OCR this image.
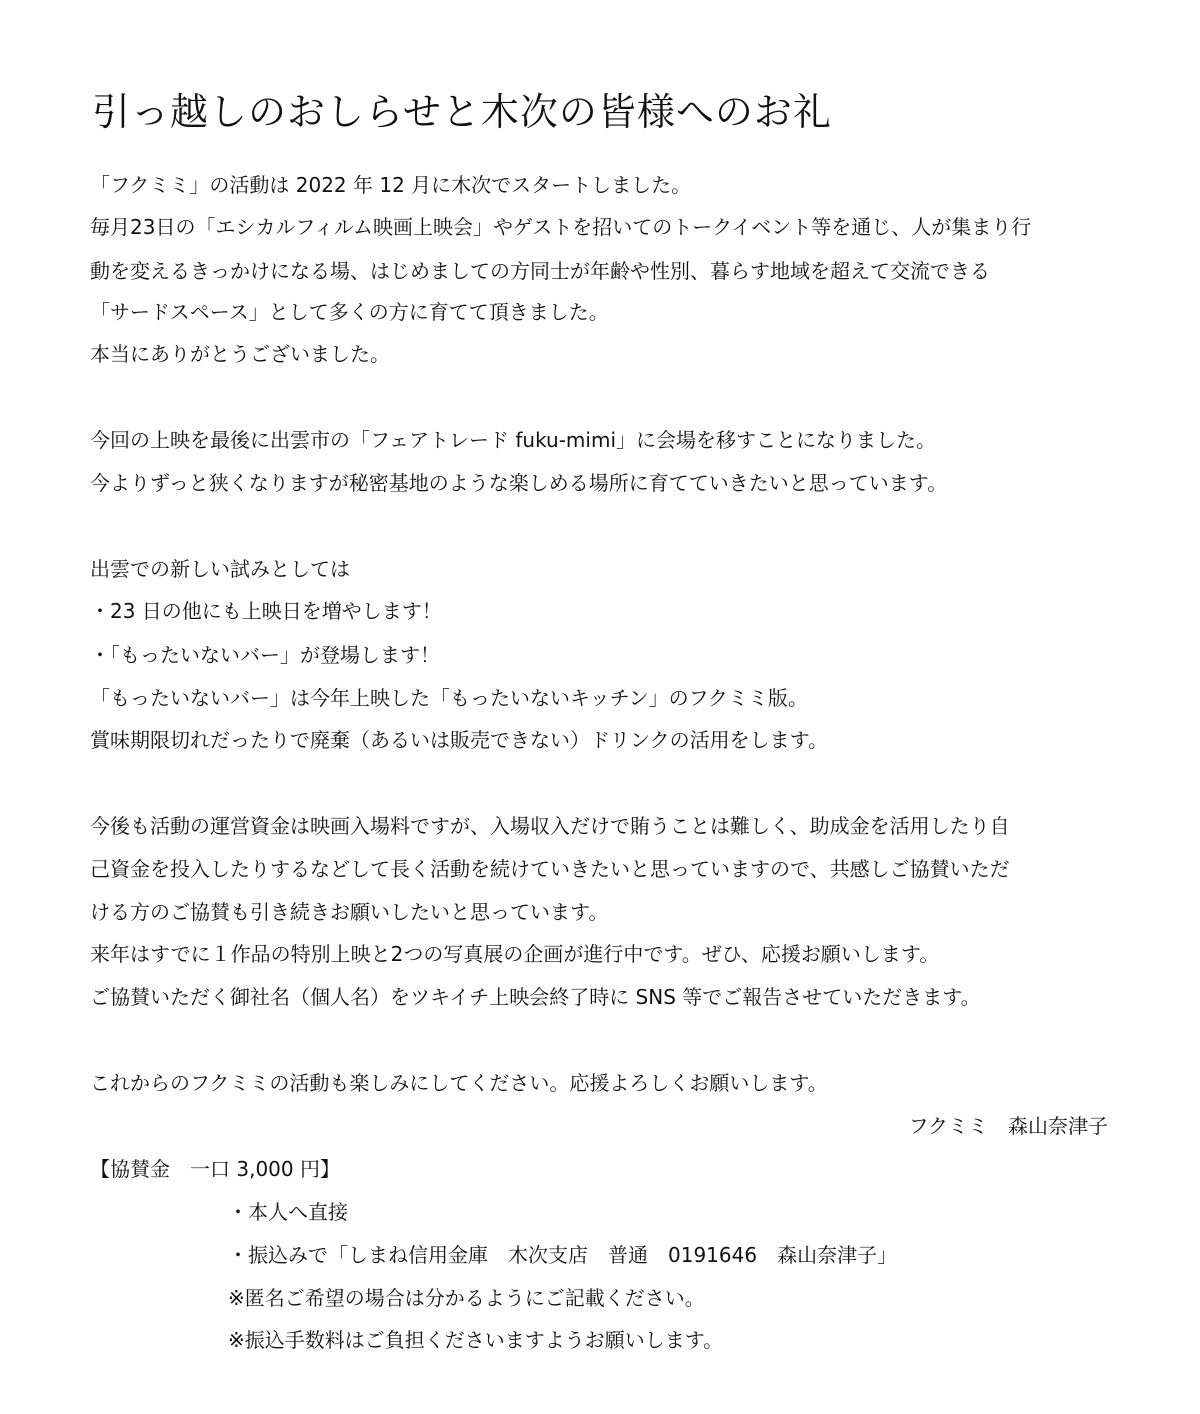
引っ越しのおしらせと木次の皆様へのお礼

「フクミミ」の活動は 2022 年 12 月に木次でスタートしました。

毎月23日の「エシカルフィルム映画上映会」やゲストを招いてのトークイベント等を通じ、人が集まり行

動を変えるきっかけになる場、はじめましての方同士が年齢や性別、暮らす地域を超えて交流できる

「サードスペース」として多くの方に育てて頂きました。

本当にありがとうございました。

今回の上映を最後に出雲市の「フェアトレード fuku-mimi」に会場を移すことになりました。

今よりずっと狭くなりますが秘密基地のような楽しめる場所に育てていきたいと思っています。

出雲での新しい試みとしては

・23 日の他にも上映日を増やします！

・「もったいないバー」が登場します！

「もったいないバー」は今年上映した「もったいないキッチン」のフクミミ版。

賞味期限切れだったりで廃棄（あるいは販売できない）ドリンクの活用をします。

今後も活動の運営資金は映画入場料ですが、入場収入だけで賄うことは難しく、助成金を活用したり自

己資金を投入したりするなどして長く活動を続けていきたいと思っていますので、共感しご協賛いただ

ける方のご協賛も引き続きお願いしたいと思っています。

来年はすでに１作品の特別上映と2つの写真展の企画が進行中です。ぜひ、応援お願いします。

ご協賛いただく御社名（個人名）をツキイチ上映会終了時に SNS 等でご報告させていただきます。

これからのフクミミの活動も楽しみにしてください。応援よろしくお願いします。

フクミミ　森山奈津子

【協賛金　一口 3,000 円】

・本人へ直接

・振込みで「しまね信用金庫　木次支店　普通　0191646　森山奈津子」

※匿名ご希望の場合は分かるようにご記載ください。

※振込手数料はご負担くださいますようお願いします。
